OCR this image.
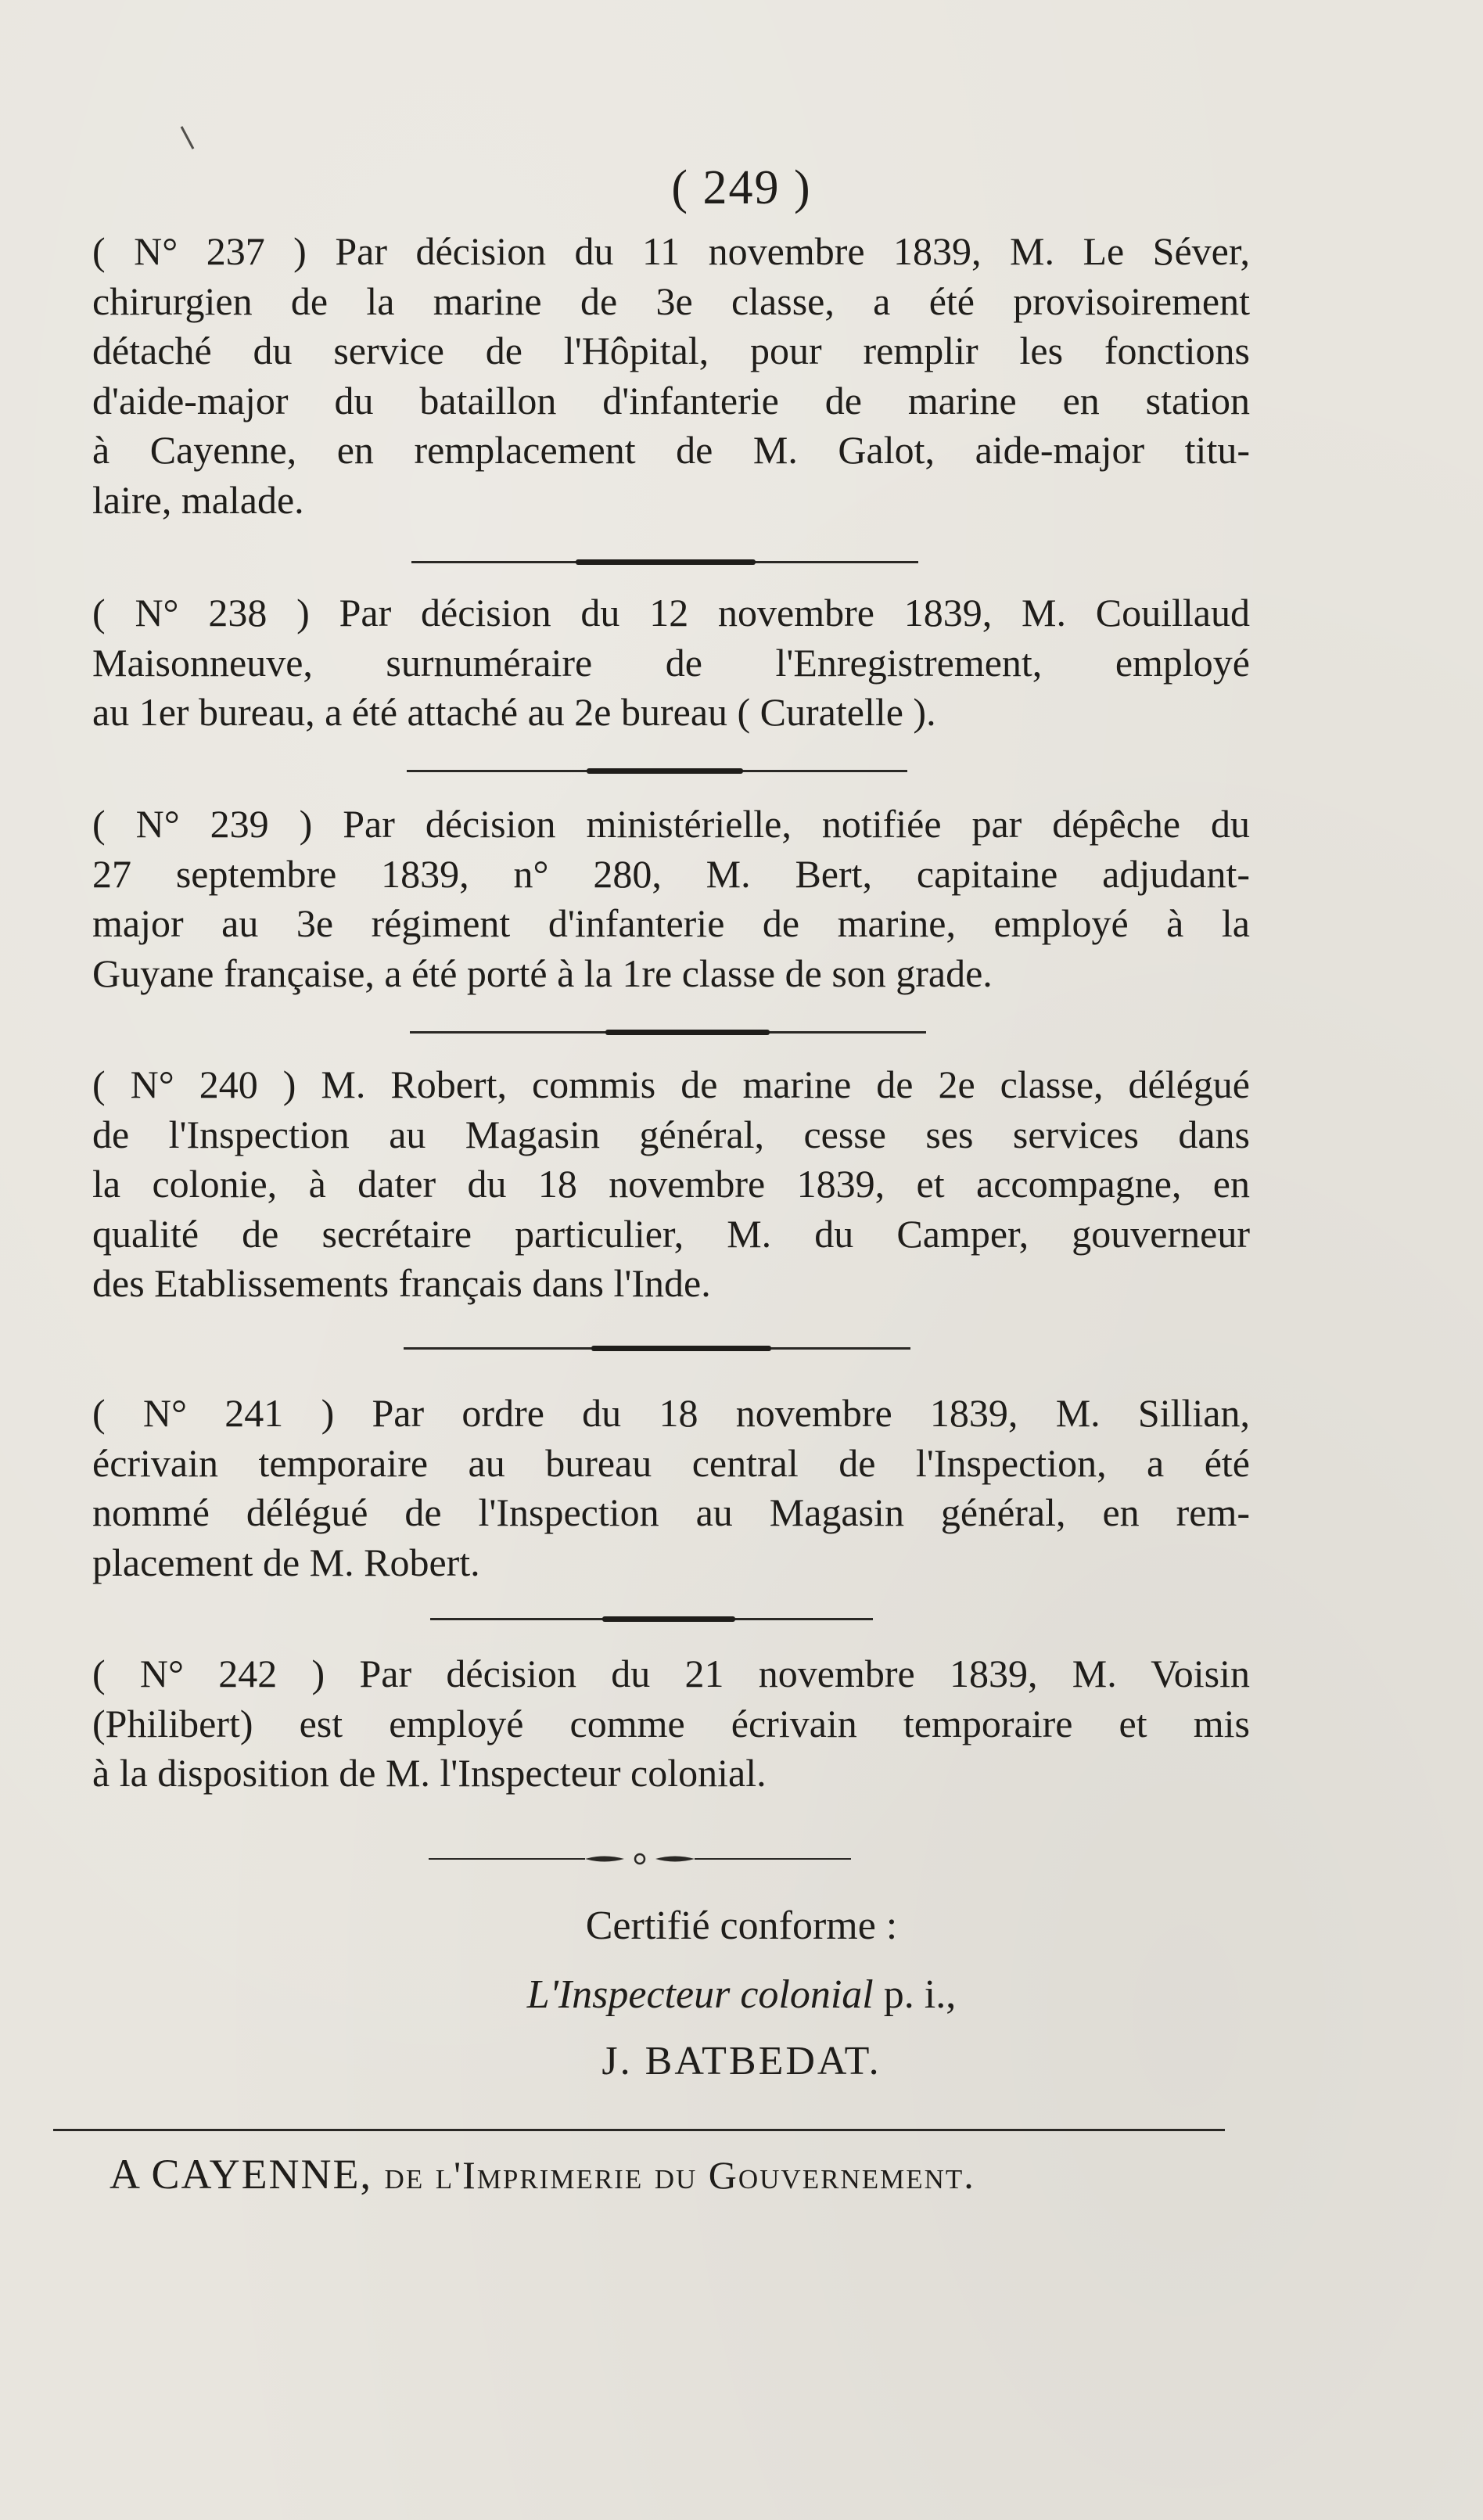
( 249 )
( N° 237 ) Par décision du 11 novembre 1839, M. Le Séver,
chirurgien de la marine de 3e classe, a été provisoirement
détaché du service de l'Hôpital, pour remplir les fonctions
d'aide-major du bataillon d'infanterie de marine en station
à Cayenne, en remplacement de M. Galot, aide-major titu-
laire, malade.
( N° 238 ) Par décision du 12 novembre 1839, M. Couillaud
Maisonneuve, surnuméraire de l'Enregistrement, employé
au 1er bureau, a été attaché au 2e bureau ( Curatelle ).
( N° 239 ) Par décision ministérielle, notifiée par dépêche du
27 septembre 1839, n° 280, M. Bert, capitaine adjudant-
major au 3e régiment d'infanterie de marine, employé à la
Guyane française, a été porté à la 1re classe de son grade.
( N° 240 ) M. Robert, commis de marine de 2e classe, délégué
de l'Inspection au Magasin général, cesse ses services dans
la colonie, à dater du 18 novembre 1839, et accompagne, en
qualité de secrétaire particulier, M. du Camper, gouverneur
des Etablissements français dans l'Inde.
( N° 241 ) Par ordre du 18 novembre 1839, M. Sillian,
écrivain temporaire au bureau central de l'Inspection, a été
nommé délégué de l'Inspection au Magasin général, en rem-
placement de M. Robert.
( N° 242 ) Par décision du 21 novembre 1839, M. Voisin
(Philibert) est employé comme écrivain temporaire et mis
à la disposition de M. l'Inspecteur colonial.
Certifié conforme :
L'Inspecteur colonial p. i.,
J. BATBEDAT.
A CAYENNE, de l'Imprimerie du Gouvernement.
